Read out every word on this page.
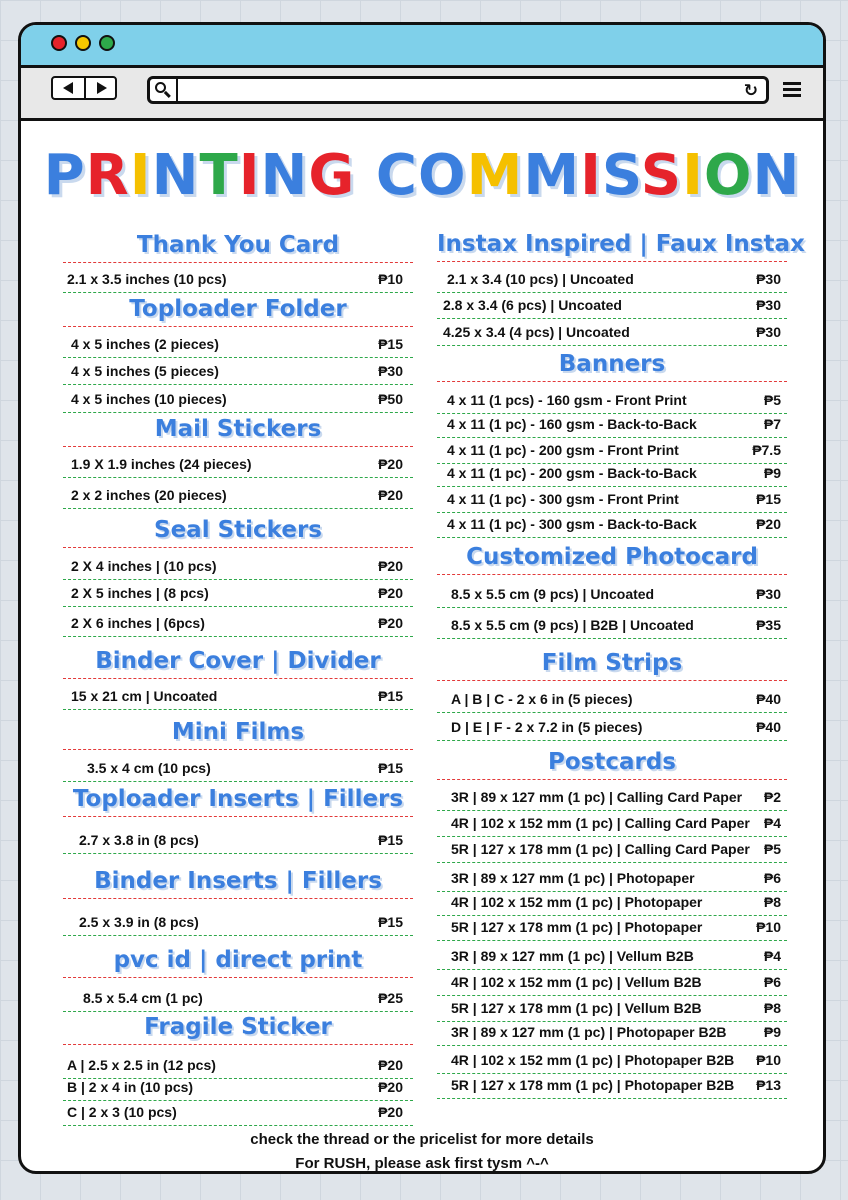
↻
PRINTING COMMISSION
check the thread or the pricelist for more details
For RUSH, please ask first tysm ^-^
Thank You Card
2.1 x 3.5 inches (10 pcs)	₱10
Toploader Folder
4 x 5 inches (2 pieces)	₱15
4 x 5 inches (5 pieces)	₱30
4 x 5 inches (10 pieces)	₱50
Mail Stickers
1.9 X 1.9 inches (24 pieces)	₱20
2 x 2 inches (20 pieces)	₱20
Seal Stickers
2 X 4 inches | (10 pcs)	₱20
2 X 5 inches | (8 pcs)	₱20
2 X 6 inches | (6pcs)	₱20
Binder Cover | Divider
15 x 21 cm | Uncoated	₱15
Mini Films
3.5 x 4 cm (10 pcs)	₱15
Toploader Inserts | Fillers
2.7 x 3.8 in (8 pcs)	₱15
Binder Inserts | Fillers
2.5 x 3.9 in (8 pcs)	₱15
pvc id | direct print
8.5 x 5.4 cm (1 pc)	₱25
Fragile Sticker
A | 2.5 x 2.5 in (12 pcs)	₱20
B | 2 x 4 in (10 pcs)	₱20
C | 2 x 3 (10 pcs)	₱20
Instax Inspired | Faux Instax
2.1 x 3.4 (10 pcs) | Uncoated	₱30
2.8 x 3.4 (6 pcs) | Uncoated	₱30
4.25 x 3.4 (4 pcs) | Uncoated	₱30
Banners
4 x 11 (1 pcs) - 160 gsm - Front Print	₱5
4 x 11 (1 pc) - 160 gsm - Back-to-Back	₱7
4 x 11 (1 pc) - 200 gsm - Front Print	₱7.5
4 x 11 (1 pc) - 200 gsm - Back-to-Back	₱9
4 x 11 (1 pc) - 300 gsm - Front Print	₱15
4 x 11 (1 pc) - 300 gsm - Back-to-Back	₱20
Customized Photocard
8.5 x 5.5 cm (9 pcs) | Uncoated	₱30
8.5 x 5.5 cm (9 pcs) | B2B | Uncoated	₱35
Film Strips
A | B | C - 2 x 6 in (5 pieces)	₱40
D | E | F - 2 x 7.2 in (5 pieces)	₱40
Postcards
3R | 89 x 127 mm (1 pc) | Calling Card Paper ₱2
4R | 102 x 152 mm (1 pc) | Calling Card Paper ₱4
5R | 127 x 178 mm (1 pc) | Calling Card Paper ₱5
3R | 89 x 127 mm (1 pc) | Photopaper	₱6
4R | 102 x 152 mm (1 pc) | Photopaper	₱8
5R | 127 x 178 mm (1 pc) | Photopaper	₱10
3R | 89 x 127 mm (1 pc) | Vellum B2B	₱4
4R | 102 x 152 mm (1 pc) | Vellum B2B	₱6
5R | 127 x 178 mm (1 pc) | Vellum B2B	₱8
3R | 89 x 127 mm (1 pc) | Photopaper B2B	₱9
4R | 102 x 152 mm (1 pc) | Photopaper B2B ₱10
5R | 127 x 178 mm (1 pc) | Photopaper B2B ₱13
